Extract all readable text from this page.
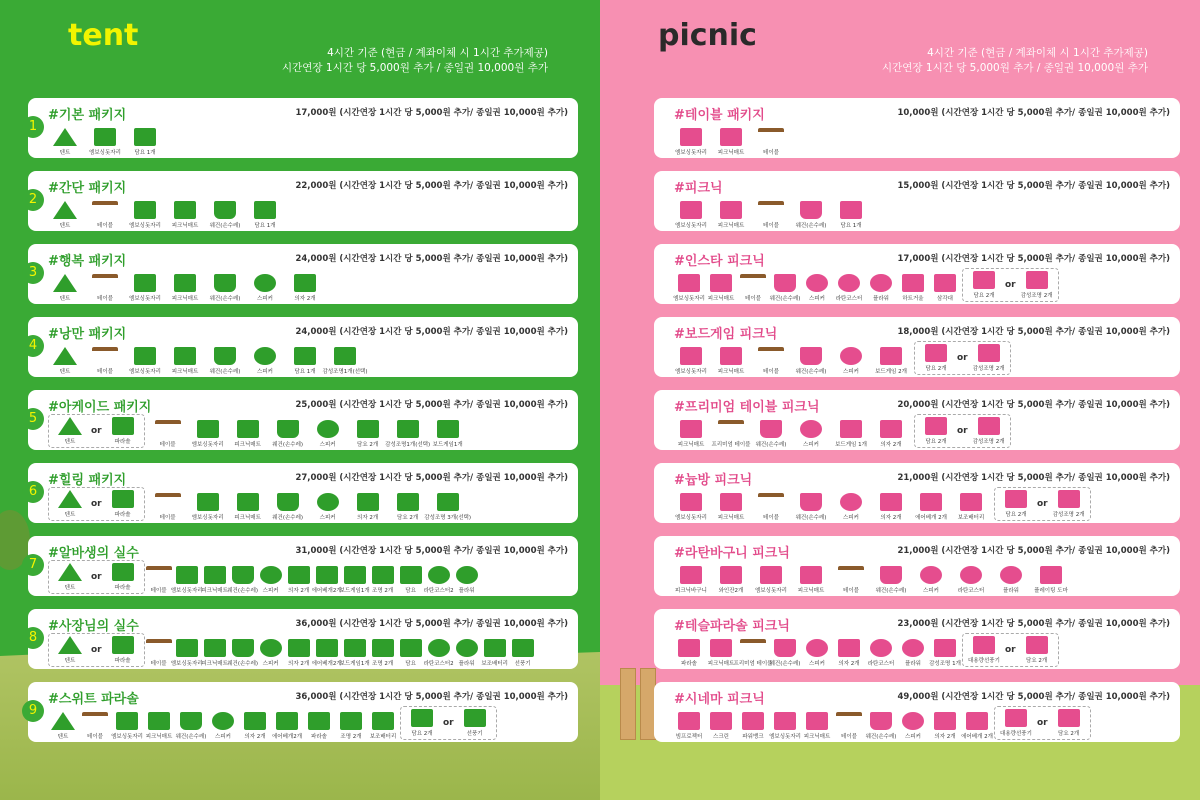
tent	4시간 기준 (현금 / 계좌이체 시 1시간 추가제공)
시간연장 1시간 당 5,000원 추가 / 종일권 10,000원 추가
1
#기본 패키지	17,000원 (시간연장 1시간 당 5,000원 추가/ 종일권 10,000원 추가)
텐트	엠보싱돗자리 담요 1개
2
#간단 패키지	22,000원 (시간연장 1시간 당 5,000원 추가/ 종일권 10,000원 추가)
텐트	테이블	엠보싱돗자리 피크닉매트 웨건(손수레)	담요 1개
3
#행복 패키지	24,000원 (시간연장 1시간 당 5,000원 추가/ 종일권 10,000원 추가)
텐트	테이블	엠보싱돗자리 피크닉매트 웨건(손수레)	스피커	의자 2개
4
#낭만 패키지	24,000원 (시간연장 1시간 당 5,000원 추가/ 종일권 10,000원 추가)
텐트	테이블	엠보싱돗자리 피크닉매트 웨건(손수레)	스피커	담요 1개 감성조명1개(선택)
5
#아케이드 패키지	25,000원 (시간연장 1시간 당 5,000원 추가/ 종일권 10,000원 추가)
텐트
or
파라솔	테이블	엠보싱돗자리 피크닉매트 웨건(손수레)	스피커	담요 2개 감성조명1개(선택) 보드게임1개
6
#힐링 패키지	27,000원 (시간연장 1시간 당 5,000원 추가/ 종일권 10,000원 추가)
텐트
or
파라솔	테이블	엠보싱돗자리 피크닉매트 웨건(손수레)	스피커	의자 2개	담요 2개 감성조명 3개(선택)
7
#알바생의 실수	31,000원 (시간연장 1시간 당 5,000원 추가/ 종일권 10,000원 추가)
텐트
or
파라솔	테이블 엠보싱돗자리
피크닉매트 웨건(손수레) 스피커 의자 2개 에어베개2개
보드게임1개 조명 2개 담요 라탄코스터2 플라워
8
#사장님의 실수	36,000원 (시간연장 1시간 당 5,000원 추가/ 종일권 10,000원 추가)
텐트
or
파라솔	테이블 엠보싱돗자리
피크닉매트 웨건(손수레) 스피커 의자 2개 에어베개2개
보드게임1개 조명 2개 담요 라탄코스터2 플라워 보조배터리 선풍기
9
#스위트 파라솔	36,000원 (시간연장 1시간 당 5,000원 추가/ 종일권 10,000원 추가)
텐트	테이블 엠보싱돗자리 피크닉매트 웨건(손수레) 스피커 의자 2개 에어베개2개 파라솔 조명 2개 보조배터리	담요 2개
or
선풍기
picnic	4시간 기준 (현금 / 계좌이체 시 1시간 추가제공)
시간연장 1시간 당 5,000원 추가 / 종일권 10,000원 추가
#테이블 패키지	10,000원 (시간연장 1시간 당 5,000원 추가/ 종일권 10,000원 추가)
엠보싱돗자리 피크닉매트	테이블
#피크닉	15,000원 (시간연장 1시간 당 5,000원 추가/ 종일권 10,000원 추가)
엠보싱돗자리 피크닉매트	테이블	웨건(손수레)	담요 1개
#인스타 피크닉	17,000원 (시간연장 1시간 당 5,000원 추가/ 종일권 10,000원 추가)
엠보싱돗자리 피크닉매트 테이블 웨건(손수레) 스피커 라탄코스터 플라워 하트거울 삼각대	담요 2개
or
감성조명 2개
#보드게임 피크닉	18,000원 (시간연장 1시간 당 5,000원 추가/ 종일권 10,000원 추가)
엠보싱돗자리 피크닉매트	테이블	웨건(손수레)	스피커	보드게임 2개	담요 2개
or
감성조명 2개
#프리미엄 테이블 피크닉	20,000원 (시간연장 1시간 당 5,000원 추가/ 종일권 10,000원 추가)
피크닉매트 프리미엄 테이블 웨건(손수레)	스피커	보드게임 1개 의자 2개	담요 2개
or
감성조명 2개
#늅방 피크닉	21,000원 (시간연장 1시간 당 5,000원 추가/ 종일권 10,000원 추가)
엠보싱돗자리 피크닉매트	테이블	웨건(손수레)	스피커	의자 2개 에어베개 2개 보조배터리	담요 2개
or
감성조명 2개
#라탄바구니 피크닉	21,000원 (시간연장 1시간 당 5,000원 추가/ 종일권 10,000원 추가)
피크닉바구니 와인잔2개 엠보싱돗자리 피크닉매트	테이블	웨건(손수레)	스피커	라탄코스터	플라워	플레이팅 도마
#테슬파라솔 피크닉	23,000원 (시간연장 1시간 당 5,000원 추가/ 종일권 10,000원 추가)
파라솔 피크닉매트 프리미엄 테이블
웨건(손수레) 스피커 의자 2개 라탄코스터 플라워 감성조명 1개 대용량선풍기
or
담요 2개
#시네마 피크닉	49,000원 (시간연장 1시간 당 5,000원 추가/ 종일권 10,000원 추가)
빔프로젝터 스크린 파워뱅크 엠보싱돗자리 피크닉매트 테이블 웨건(손수레) 스피커 의자 2개 에어베개 2개 대용량선풍기
or
담요 2개
